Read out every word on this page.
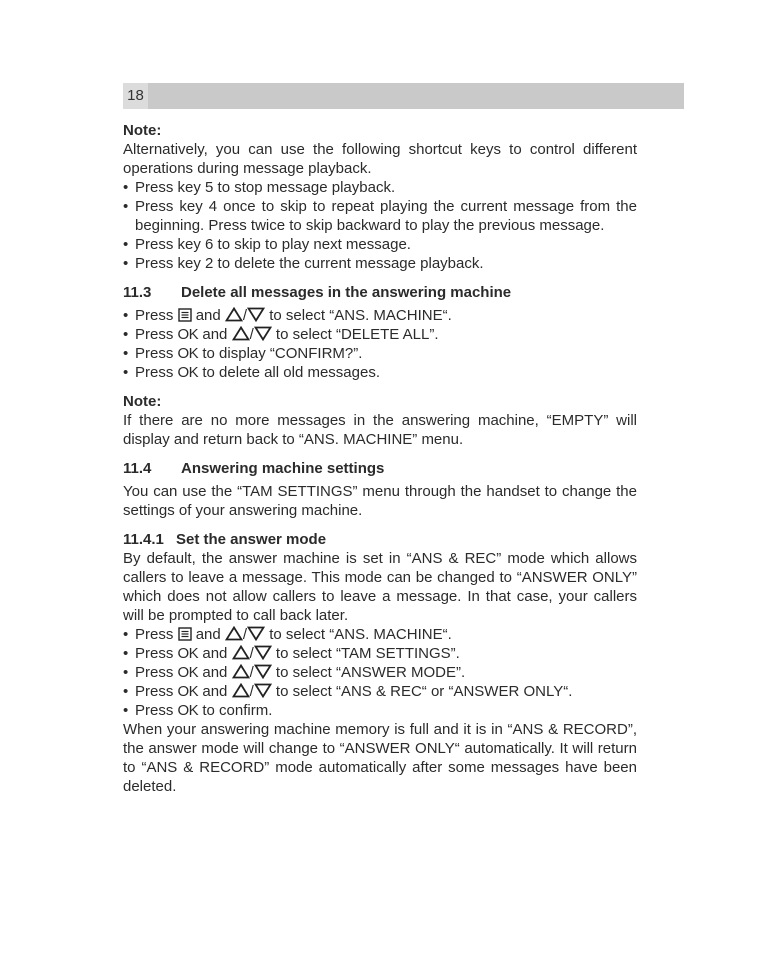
18
Note:

Alternatively, you can use the following shortcut keys to control different operations during message playback.

• Press key 5 to stop message playback.
• Press key 4 once to skip to repeat playing the current message from the beginning. Press twice to skip backward to play the previous message.
• Press key 6 to skip to play next message.
• Press key 2 to delete the current message playback.
11.3 Delete all messages in the answering machine
• Press and / to select “ANS. MACHINE“.
• Press OK and / to select “DELETE ALL”.
• Press OK to display “CONFIRM?”.
• Press OK to delete all old messages.
Note:

If there are no more messages in the answering machine, “EMPTY” will display and return back to “ANS. MACHINE” menu.

11.4 Answering machine settings

You can use the “TAM SETTINGS” menu through the handset to change the settings of your answering machine.

11.4.1 Set the answer mode

By default, the answer machine is set in “ANS & REC” mode which allows callers to leave a message. This mode can be changed to “ANSWER ONLY” which does not allow callers to leave a message. In that case, your callers will be prompted to call back later.

• Press and / to select “ANS. MACHINE“.
• Press OK and / to select “TAM SETTINGS”.
• Press OK and / to select “ANSWER MODE”.
• Press OK and / to select “ANS & REC“ or “ANSWER ONLY“.
• Press OK to confirm.

When your answering machine memory is full and it is in “ANS & RECORD”, the answer mode will change to “ANSWER ONLY“ automatically. It will return to “ANS & RECORD” mode automatically after some messages have been deleted.
